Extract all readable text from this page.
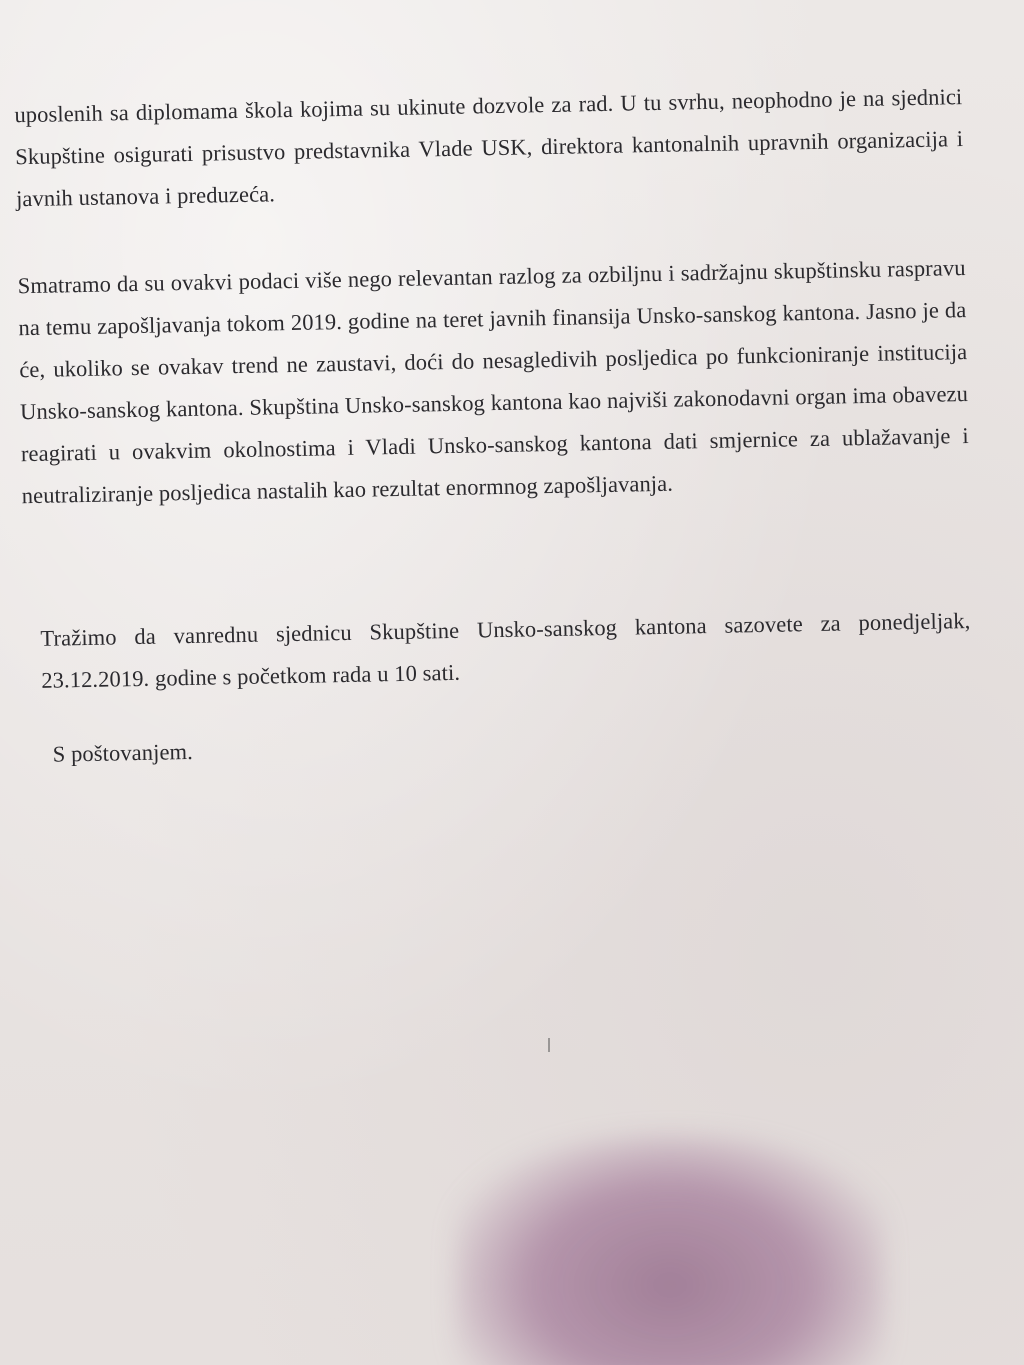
uposlenih sa diplomama škola kojima su ukinute dozvole za rad. U tu svrhu, neophodno je na sjednici Skupštine osigurati prisustvo predstavnika Vlade USK, direktora kantonalnih upravnih organizacija i javnih ustanova i preduzeća.

Smatramo da su ovakvi podaci više nego relevantan razlog za ozbiljnu i sadržajnu skupštinsku raspravu na temu zapošljavanja tokom 2019. godine na teret javnih finansija Unsko-sanskog kantona. Jasno je da će, ukoliko se ovakav trend ne zaustavi, doći do nesagledivih posljedica po funkcioniranje institucija Unsko-sanskog kantona. Skupština Unsko-sanskog kantona kao najviši zakonodavni organ ima obavezu reagirati u ovakvim okolnostima i Vladi Unsko-sanskog kantona dati smjernice za ublažavanje i neutraliziranje posljedica nastalih kao rezultat enormnog zapošljavanja.

Tražimo da vanrednu sjednicu Skupštine Unsko-sanskog kantona sazovete za ponedjeljak, 23.12.2019. godine s početkom rada u 10 sati.

S poštovanjem.
